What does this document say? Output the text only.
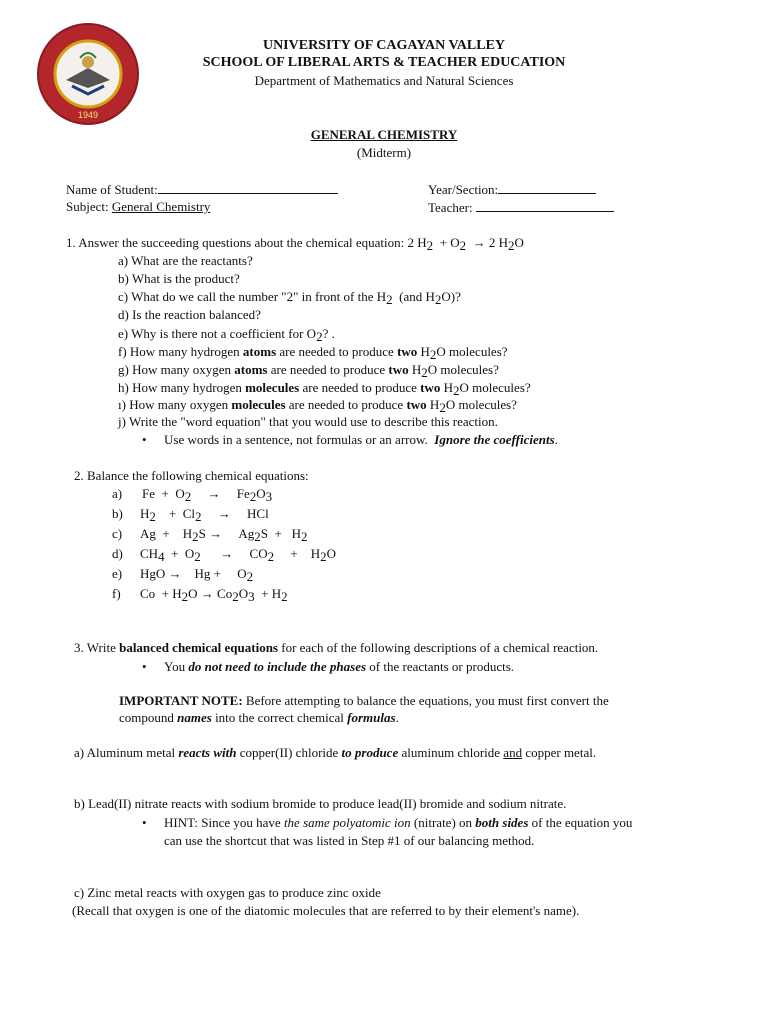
1949
UNIVERSITY OF CAGAYAN VALLEY
SCHOOL OF LIBERAL ARTS & TEACHER EDUCATION
Department of Mathematics and Natural Sciences
GENERAL CHEMISTRY
(Midterm)
Name of Student:	Year/Section:
Subject: General Chemistry	Teacher:
1. Answer the succeeding questions about the chemical equation: 2 $H_2 + O_2 \to 2$ $H_2O$
a) What are the reactants?
b) What is the product?
c) What do we call the number "2" in front of the $H_2$ (and $H_2O$)?
d) Is the reaction balanced?
e) Why is there not a coefficient for $O_2$? .
f) How many hydrogen atoms are needed to produce two $H_2O$ molecules?
g) How many oxygen atoms are needed to produce two $H_2O$ molecules?
h) How many hydrogen molecules are needed to produce two $H_2O$ molecules?
ı) How many oxygen molecules are needed to produce two $H_2O$ molecules?
j) Write the "word equation" that you would use to describe this reaction.
• Use words in a sentence, not formulas or an arrow. Ignore the coefficients.
2. Balance the following chemical equations:
a) $Fe + O_2 \to Fe_2O_3$
b) $H_2 + Cl_2$ → HCl
c) $Ag + H_2S \to Ag_2S + H_2$
d) $CH_4 + O_2 \to CO_2 + H_2O$
e) HgO → $Hg + O_2$
f) $Co + H_2O \to Co_2O_3 + H_2$
3. Write balanced chemical equations for each of the following descriptions of a chemical reaction.
• You do not need to include the phases of the reactants or products.
IMPORTANT NOTE: Before attempting to balance the equations, you must first convert the
compound names into the correct chemical formulas.
a) Aluminum metal reacts with copper(II) chloride to produce aluminum chloride and copper metal.
b) Lead(II) nitrate reacts with sodium bromide to produce lead(II) bromide and sodium nitrate.
• HINT: Since you have the same polyatomic ion (nitrate) on both sides of the equation you
can use the shortcut that was listed in Step #1 of our balancing method.
c) Zinc metal reacts with oxygen gas to produce zinc oxide
(Recall that oxygen is one of the diatomic molecules that are referred to by their element's name).
